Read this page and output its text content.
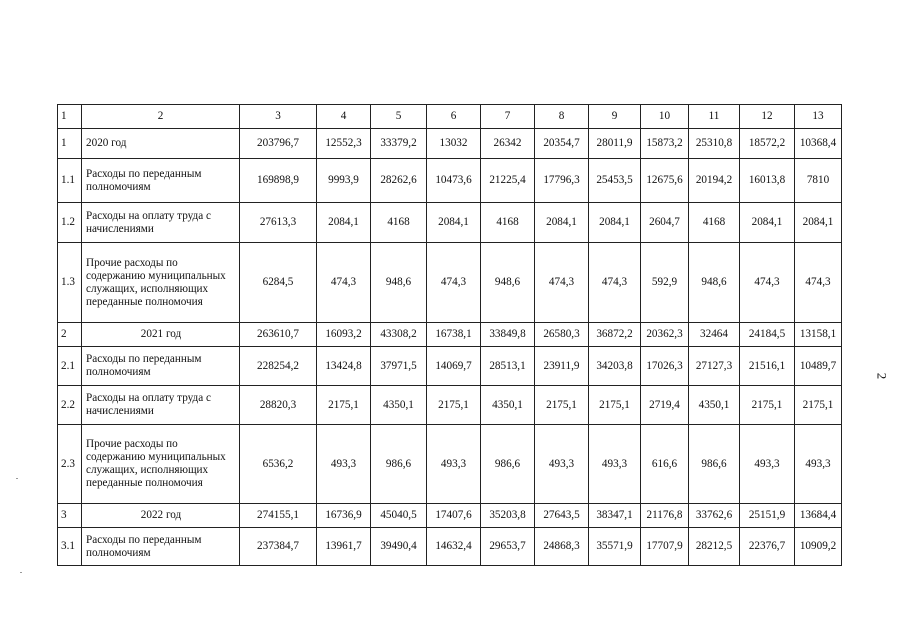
2
1	2	3	4	5	6	7	8	9	10	11	12	13
1	2020 год	203796,7	12552,3	33379,2	13032	26342	20354,7	28011,9	15873,2	25310,8	18572,2	10368,4
1.1	Расходы по переданным полномочиям	169898,9	9993,9	28262,6	10473,6	21225,4	17796,3	25453,5	12675,6	20194,2	16013,8	7810
1.2	Расходы на оплату труда с начислениями	27613,3	2084,1	4168	2084,1	4168	2084,1	2084,1	2604,7	4168	2084,1	2084,1
1.3	Прочие расходы по содержанию муниципальных служащих, исполняющих переданные полномочия	6284,5	474,3	948,6	474,3	948,6	474,3	474,3	592,9	948,6	474,3	474,3
2	2021 год	263610,7	16093,2	43308,2	16738,1	33849,8	26580,3	36872,2	20362,3	32464	24184,5	13158,1
2.1	Расходы по переданным полномочиям	228254,2	13424,8	37971,5	14069,7	28513,1	23911,9	34203,8	17026,3	27127,3	21516,1	10489,7
2.2	Расходы на оплату труда с начислениями	28820,3	2175,1	4350,1	2175,1	4350,1	2175,1	2175,1	2719,4	4350,1	2175,1	2175,1
2.3	Прочие расходы по содержанию муниципальных служащих, исполняющих переданные полномочия	6536,2	493,3	986,6	493,3	986,6	493,3	493,3	616,6	986,6	493,3	493,3
3	2022 год	274155,1	16736,9	45040,5	17407,6	35203,8	27643,5	38347,1	21176,8	33762,6	25151,9	13684,4
3.1	Расходы по переданным полномочиям	237384,7	13961,7	39490,4	14632,4	29653,7	24868,3	35571,9	17707,9	28212,5	22376,7	10909,2
